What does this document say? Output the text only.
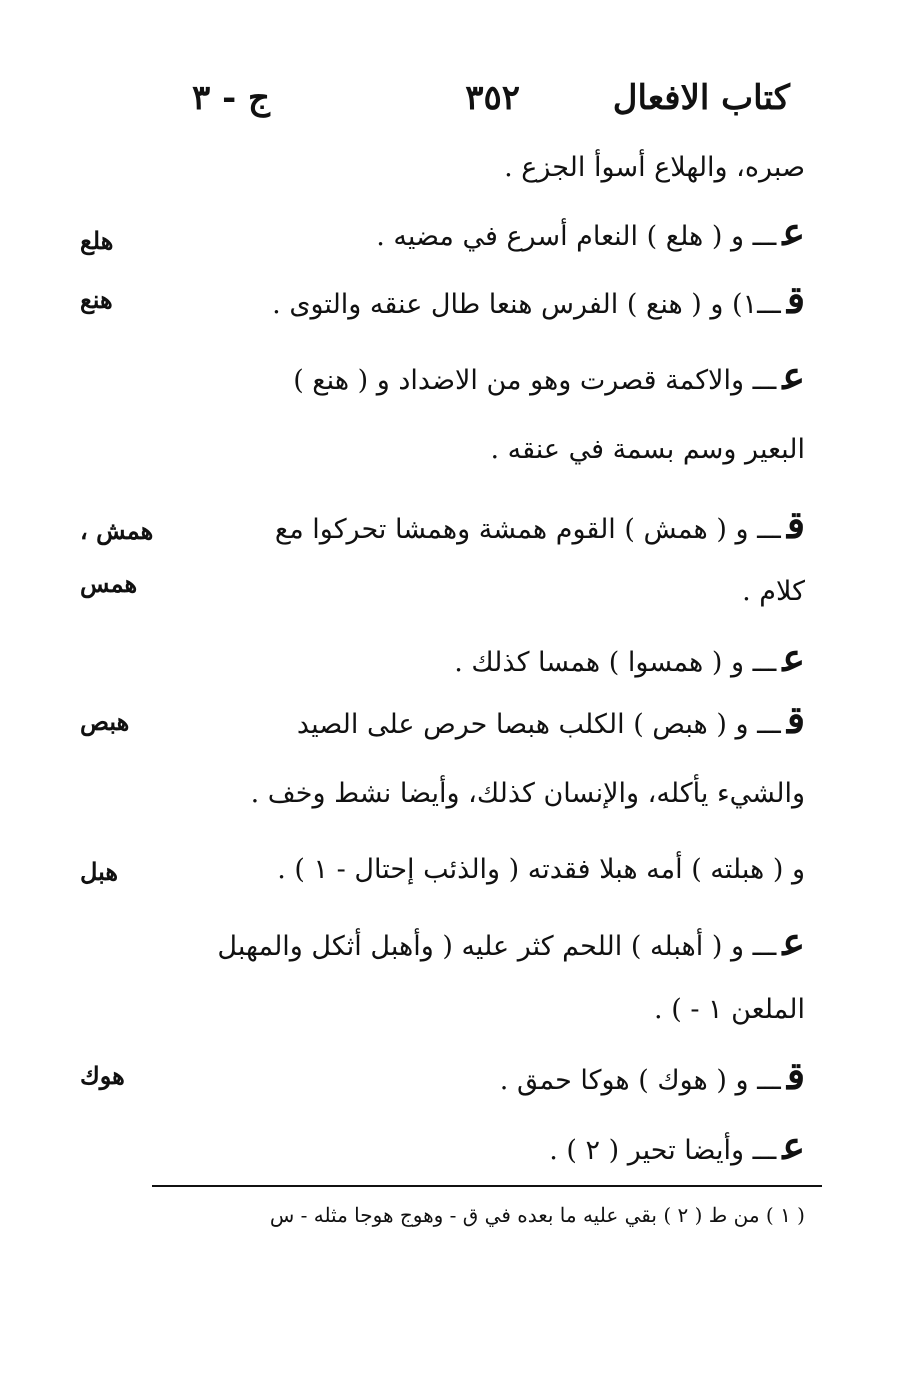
كتاب الافعال
٣٥٢
ج - ٣
صبره، والهلاع أسوأ الجزع .
عـــ و ( هلع ) النعام أسرع في مضيه .
قـــ١) و ( هنع ) الفرس هنعا طال عنقه والتوى .
عـــ والاكمة قصرت وهو من الاضداد و ( هنع )
البعير وسم بسمة في عنقه .
قـــ و ( همش ) القوم همشة وهمشا تحركوا مع
كلام .
عـــ و ( همسوا ) همسا كذلك .
قـــ و ( هبص ) الكلب هبصا حرص على الصيد
والشيء يأكله، والإنسان كذلك، وأيضا نشط وخف .
و ( هبلته ) أمه هبلا فقدته ( والذئب إحتال - ١ ) .
عـــ و ( أهبله ) اللحم كثر عليه ( وأهبل أثكل والمهبل
الملعن ١ - ) .
قـــ و ( هوك ) هوكا حمق .
عـــ وأيضا تحير ( ٢ ) .
هلع
هنع
همش ،
همس
هبص
هبل
هوك
( ١ ) من ط ( ٢ ) بقي عليه ما بعده في ق - وهوج هوجا مثله - س
